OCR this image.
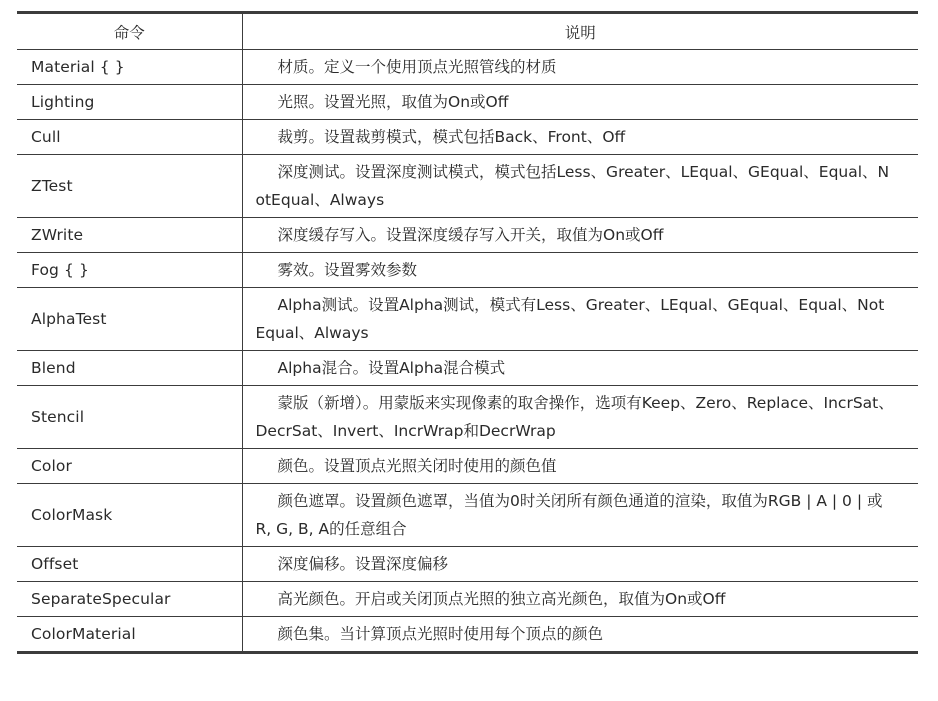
命令	说明
Material { }	材质。定义一个使用顶点光照管线的材质
Lighting	光照。设置光照，取值为On或Off
Cull	裁剪。设置裁剪模式，模式包括Back、Front、Off
ZTest	深度测试。设置深度测试模式，模式包括Less、Greater、LEqual、GEqual、Equal、NotEqual、Always
ZWrite	深度缓存写入。设置深度缓存写入开关，取值为On或Off
Fog { }	雾效。设置雾效参数
AlphaTest	Alpha测试。设置Alpha测试，模式有Less、Greater、LEqual、GEqual、Equal、NotEqual、Always
Blend	Alpha混合。设置Alpha混合模式
Stencil	蒙版（新增）。用蒙版来实现像素的取舍操作，选项有Keep、Zero、Replace、IncrSat、DecrSat、Invert、IncrWrap和DecrWrap
Color	颜色。设置顶点光照关闭时使用的颜色值
ColorMask	颜色遮罩。设置颜色遮罩，当值为0时关闭所有颜色通道的渲染，取值为RGB | A | 0 | 或R, G, B, A的任意组合
Offset	深度偏移。设置深度偏移
SeparateSpecular	高光颜色。开启或关闭顶点光照的独立高光颜色，取值为On或Off
ColorMaterial	颜色集。当计算顶点光照时使用每个顶点的颜色
